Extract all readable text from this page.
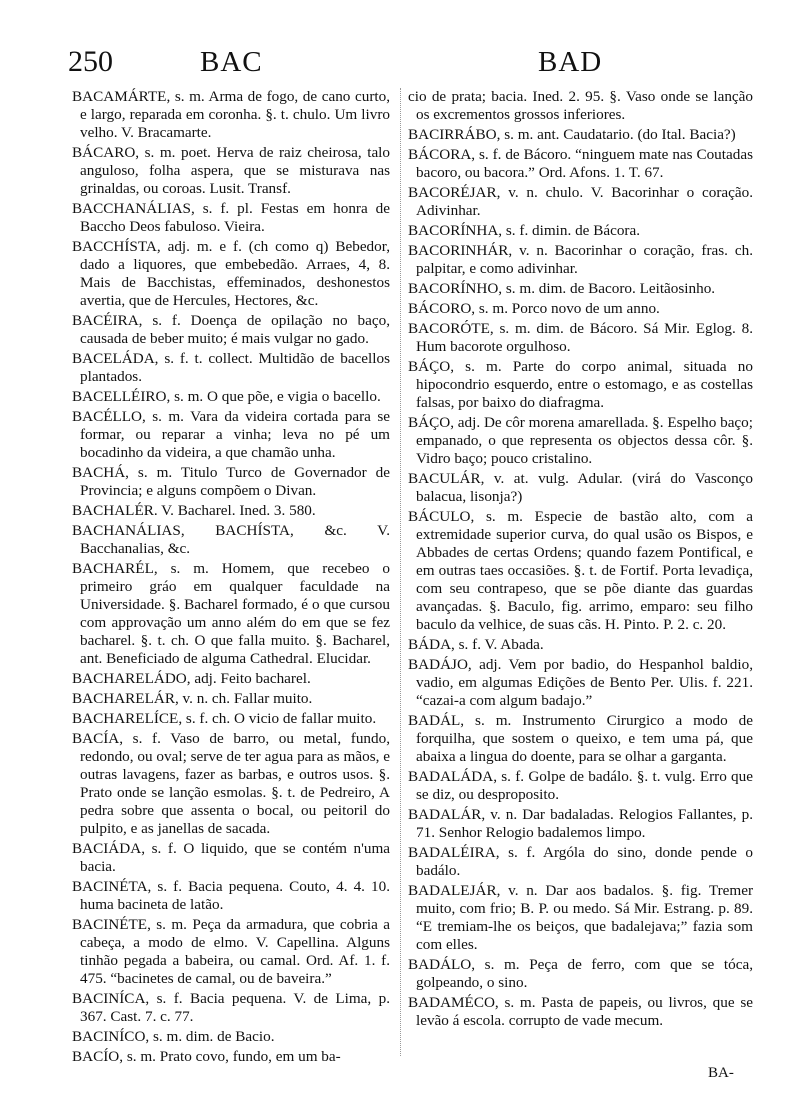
250	BAC	BAD

BACAMÁRTE, s. m. Arma de fogo, de cano curto, e largo, reparada em coronha. §. t. chulo. Um livro velho. V. Bracamarte.

BÁCARO, s. m. poet. Herva de raiz cheirosa, talo anguloso, folha aspera, que se misturava nas grinaldas, ou coroas. Lusit. Transf.

BACCHANÁLIAS, s. f. pl. Festas em honra de Baccho Deos fabuloso. Vieira.

BACCHÍSTA, adj. m. e f. (ch como q) Bebedor, dado a liquores, que embebedão. Arraes, 4, 8. Mais de Bacchistas, effeminados, deshonestos avertia, que de Hercules, Hectores, &c.

BACÉIRA, s. f. Doença de opilação no baço, causada de beber muito; é mais vulgar no gado.

BACELÁDA, s. f. t. collect. Multidão de bacellos plantados.

BACELLÉIRO, s. m. O que põe, e vigia o bacello.

BACÉLLO, s. m. Vara da videira cortada para se formar, ou reparar a vinha; leva no pé um bocadinho da videira, a que chamão unha.

BACHÁ, s. m. Titulo Turco de Governador de Provincia; e alguns compõem o Divan.

BACHALÉR. V. Bacharel. Ined. 3. 580.

BACHANÁLIAS, BACHÍSTA, &c. V. Bacchanalias, &c.

BACHARÉL, s. m. Homem, que recebeo o primeiro gráo em qualquer faculdade na Universidade. §. Bacharel formado, é o que cursou com approvação um anno além do em que se fez bacharel. §. t. ch. O que falla muito. §. Bacharel, ant. Beneficiado de alguma Cathedral. Elucidar.

BACHARELÁDO, adj. Feito bacharel.

BACHARELÁR, v. n. ch. Fallar muito.

BACHARELÍCE, s. f. ch. O vicio de fallar muito.

BACÍA, s. f. Vaso de barro, ou metal, fundo, redondo, ou oval; serve de ter agua para as mãos, e outras lavagens, fazer as barbas, e outros usos. §. Prato onde se lanção esmolas. §. t. de Pedreiro, A pedra sobre que assenta o bocal, ou peitoril do pulpito, e as janellas de sacada.

BACIÁDA, s. f. O liquido, que se contém n'uma bacia.

BACINÉTA, s. f. Bacia pequena. Couto, 4. 4. 10. huma bacineta de latão.

BACINÉTE, s. m. Peça da armadura, que cobria a cabeça, a modo de elmo. V. Capellina. Alguns tinhão pegada a babeira, ou camal. Ord. Af. 1. f. 475. “bacinetes de camal, ou de baveira.”

BACINÍCA, s. f. Bacia pequena. V. de Lima, p. 367. Cast. 7. c. 77.

BACINÍCO, s. m. dim. de Bacio.

BACÍO, s. m. Prato covo, fundo, em um ba-

cio de prata; bacia. Ined. 2. 95. §. Vaso onde se lanção os excrementos grossos inferiores.

BACIRRÁBO, s. m. ant. Caudatario. (do Ital. Bacia?)

BÁCORA, s. f. de Bácoro. “ninguem mate nas Coutadas bacoro, ou bacora.” Ord. Afons. 1. T. 67.

BACORÉJAR, v. n. chulo. V. Bacorinhar o coração. Adivinhar.

BACORÍNHA, s. f. dimin. de Bácora.

BACORINHÁR, v. n. Bacorinhar o coração, fras. ch. palpitar, e como adivinhar.

BACORÍNHO, s. m. dim. de Bacoro. Leitãosinho.

BÁCORO, s. m. Porco novo de um anno.

BACORÓTE, s. m. dim. de Bácoro. Sá Mir. Eglog. 8. Hum bacorote orgulhoso.

BÁÇO, s. m. Parte do corpo animal, situada no hipocondrio esquerdo, entre o estomago, e as costellas falsas, por baixo do diafragma.

BÁÇO, adj. De côr morena amarellada. §. Espelho baço; empanado, o que representa os objectos dessa côr. §. Vidro baço; pouco cristalino.

BACULÁR, v. at. vulg. Adular. (virá do Vasconço balacua, lisonja?)

BÁCULO, s. m. Especie de bastão alto, com a extremidade superior curva, do qual usão os Bispos, e Abbades de certas Ordens; quando fazem Pontifical, e em outras taes occasiões. §. t. de Fortif. Porta levadiça, com seu contrapeso, que se põe diante das guardas avançadas. §. Baculo, fig. arrimo, emparo: seu filho baculo da velhice, de suas cãs. H. Pinto. P. 2. c. 20.

BÁDA, s. f. V. Abada.

BADÁJO, adj. Vem por badio, do Hespanhol baldio, vadio, em algumas Edições de Bento Per. Ulis. f. 221. “cazai-a com algum badajo.”

BADÁL, s. m. Instrumento Cirurgico a modo de forquilha, que sostem o queixo, e tem uma pá, que abaixa a lingua do doente, para se olhar a garganta.

BADALÁDA, s. f. Golpe de badálo. §. t. vulg. Erro que se diz, ou desproposito.

BADALÁR, v. n. Dar badaladas. Relogios Fallantes, p. 71. Senhor Relogio badalemos limpo.

BADALÉIRA, s. f. Argóla do sino, donde pende o badálo.

BADALEJÁR, v. n. Dar aos badalos. §. fig. Tremer muito, com frio; B. P. ou medo. Sá Mir. Estrang. p. 89. “E tremiam-lhe os beiços, que badalejava;” fazia som com elles.

BADÁLO, s. m. Peça de ferro, com que se tóca, golpeando, o sino.

BADAMÉCO, s. m. Pasta de papeis, ou livros, que se levão á escola. corrupto de vade mecum.

BA-
